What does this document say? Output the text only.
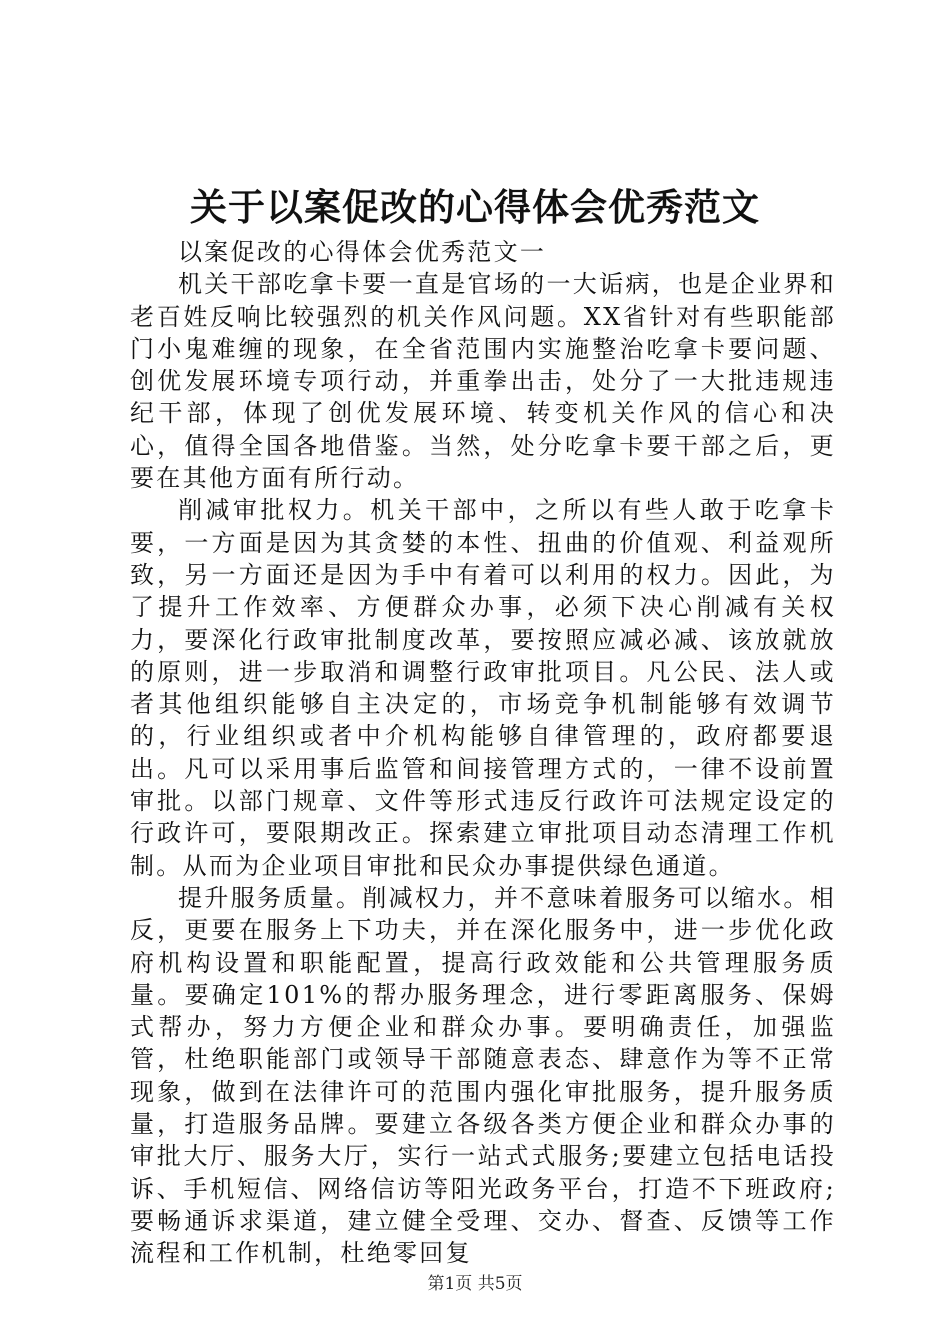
关于以案促改的心得体会优秀范文

以案促改的心得体会优秀范文一

机关干部吃拿卡要一直是官场的一大诟病，也是企业界和老百姓反响比较强烈的机关作风问题。XX省针对有些职能部门小鬼难缠的现象，在全省范围内实施整治吃拿卡要问题、创优发展环境专项行动，并重拳出击，处分了一大批违规违纪干部，体现了创优发展环境、转变机关作风的信心和决心，值得全国各地借鉴。当然，处分吃拿卡要干部之后，更要在其他方面有所行动。

削减审批权力。机关干部中，之所以有些人敢于吃拿卡要，一方面是因为其贪婪的本性、扭曲的价值观、利益观所致，另一方面还是因为手中有着可以利用的权力。因此，为了提升工作效率、方便群众办事，必须下决心削减有关权力，要深化行政审批制度改革，要按照应减必减、该放就放的原则，进一步取消和调整行政审批项目。凡公民、法人或者其他组织能够自主决定的，市场竞争机制能够有效调节的，行业组织或者中介机构能够自律管理的，政府都要退出。凡可以采用事后监管和间接管理方式的，一律不设前置审批。以部门规章、文件等形式违反行政许可法规定设定的行政许可，要限期改正。探索建立审批项目动态清理工作机制。从而为企业项目审批和民众办事提供绿色通道。

提升服务质量。削减权力，并不意味着服务可以缩水。相反，更要在服务上下功夫，并在深化服务中，进一步优化政府机构设置和职能配置，提高行政效能和公共管理服务质量。要确定101%的帮办服务理念，进行零距离服务、保姆式帮办，努力方便企业和群众办事。要明确责任，加强监管，杜绝职能部门或领导干部随意表态、肆意作为等不正常现象，做到在法律许可的范围内强化审批服务，提升服务质量，打造服务品牌。要建立各级各类方便企业和群众办事的审批大厅、服务大厅，实行一站式式服务;要建立包括电话投诉、手机短信、网络信访等阳光政务平台，打造不下班政府;要畅通诉求渠道，建立健全受理、交办、督查、反馈等工作流程和工作机制，杜绝零回复

第1页 共5页
